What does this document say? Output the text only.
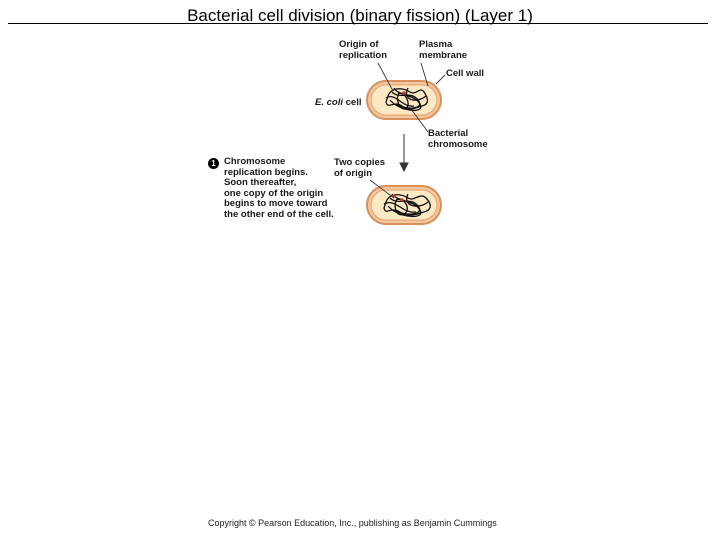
Bacterial cell division (binary fission) (Layer 1)
Origin of
replication
Plasma
membrane
Cell wall
E. coli cell
Bacterial
chromosome
Two copies
of origin
1 Chromosome
replication begins.
Soon thereafter,
one copy of the origin
begins to move toward
the other end of the cell.
Copyright © Pearson Education, Inc., publishing as Benjamin Cummings
